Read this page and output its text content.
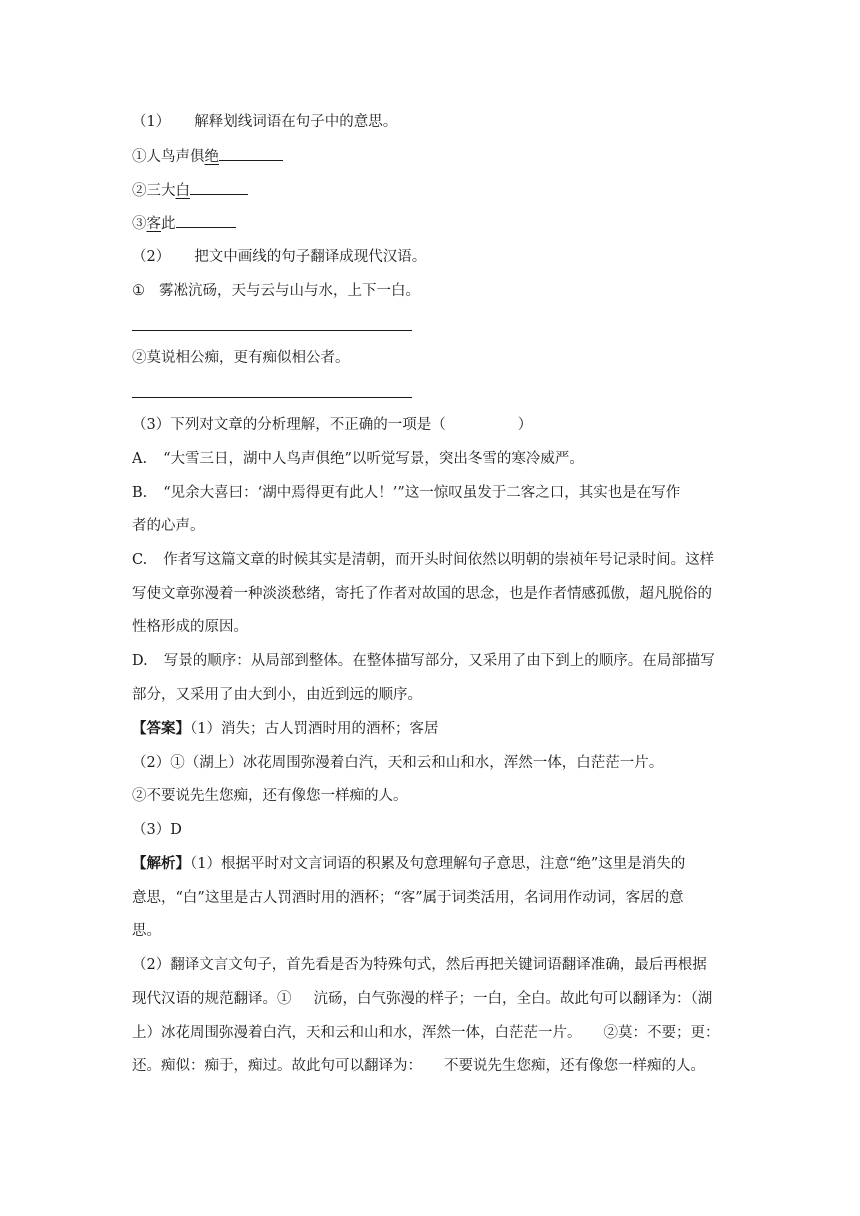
（1） 解释划线词语在句子中的意思。
①人鸟声俱绝
②三大白
③客此
（2） 把文中画线的句子翻译成现代汉语。
① 雾凇沆砀，天与云与山与水，上下一白。
②莫说相公痴，更有痴似相公者。
（3）下列对文章的分析理解，不正确的一项是（	）
A. “大雪三日，湖中人鸟声俱绝”以听觉写景，突出冬雪的寒冷威严。
B. “见余大喜曰：‘湖中焉得更有此人！’”这一惊叹虽发于二客之口，其实也是在写作
者的心声。
C. 作者写这篇文章的时候其实是清朝，而开头时间依然以明朝的崇祯年号记录时间。这样
写使文章弥漫着一种淡淡愁绪，寄托了作者对故国的思念，也是作者情感孤傲，超凡脱俗的
性格形成的原因。
D. 写景的顺序：从局部到整体。在整体描写部分，又采用了由下到上的顺序。在局部描写
部分，又采用了由大到小，由近到远的顺序。
【答案】（1）消失；古人罚酒时用的酒杯；客居
（2）①（湖上）冰花周围弥漫着白汽，天和云和山和水，浑然一体，白茫茫一片。
②不要说先生您痴，还有像您一样痴的人。
（3）D
【解析】（1）根据平时对文言词语的积累及句意理解句子意思，注意“绝”这里是消失的
意思，“白”这里是古人罚酒时用的酒杯；“客”属于词类活用，名词用作动词，客居的意
思。
（2）翻译文言文句子，首先看是否为特殊句式，然后再把关键词语翻译准确，最后再根据
现代汉语的规范翻译。① 沆砀，白气弥漫的样子；一白，全白。故此句可以翻译为：（湖
上）冰花周围弥漫着白汽，天和云和山和水，浑然一体，白茫茫一片。 ②莫：不要；更：
还。痴似：痴于，痴过。故此句可以翻译为： 不要说先生您痴，还有像您一样痴的人。
